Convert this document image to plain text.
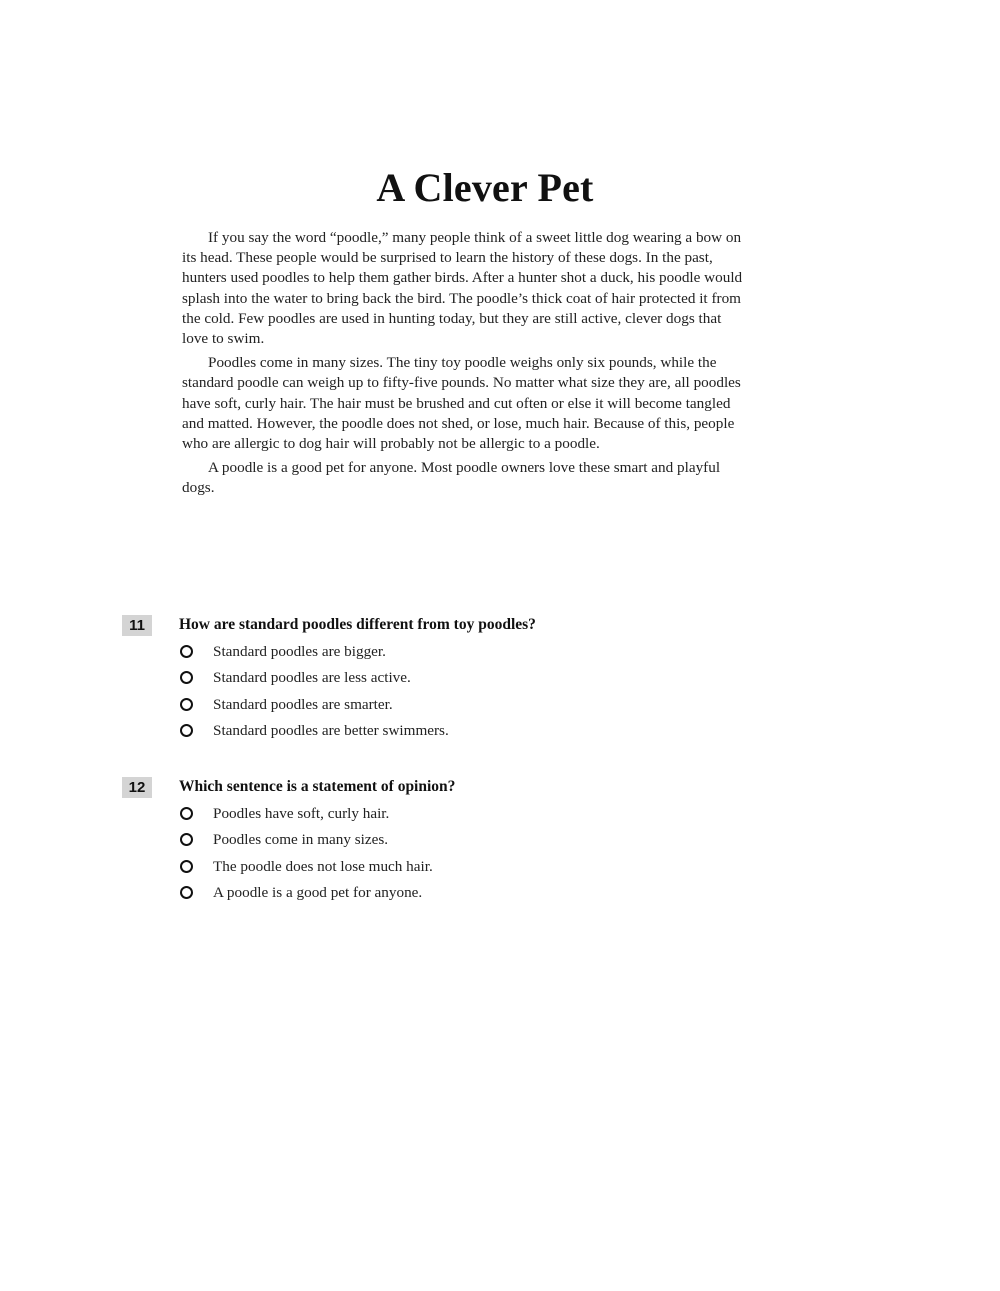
A Clever Pet

If you say the word “poodle,” many people think of a sweet little dog wearing a bow on its head. These people would be surprised to learn the history of these dogs. In the past, hunters used poodles to help them gather birds. After a hunter shot a duck, his poodle would splash into the water to bring back the bird. The poodle’s thick coat of hair protected it from the cold. Few poodles are used in hunting today, but they are still active, clever dogs that love to swim.

Poodles come in many sizes. The tiny toy poodle weighs only six pounds, while the standard poodle can weigh up to fifty-five pounds. No matter what size they are, all poodles have soft, curly hair. The hair must be brushed and cut often or else it will become tangled and matted. However, the poodle does not shed, or lose, much hair. Because of this, people who are allergic to dog hair will probably not be allergic to a poodle.

A poodle is a good pet for anyone. Most poodle owners love these smart and playful dogs.

11	How are standard poodles different from toy poodles?
Standard poodles are bigger.
Standard poodles are less active.
Standard poodles are smarter.
Standard poodles are better swimmers.
12	Which sentence is a statement of opinion?
Poodles have soft, curly hair.
Poodles come in many sizes.
The poodle does not lose much hair.
A poodle is a good pet for anyone.
